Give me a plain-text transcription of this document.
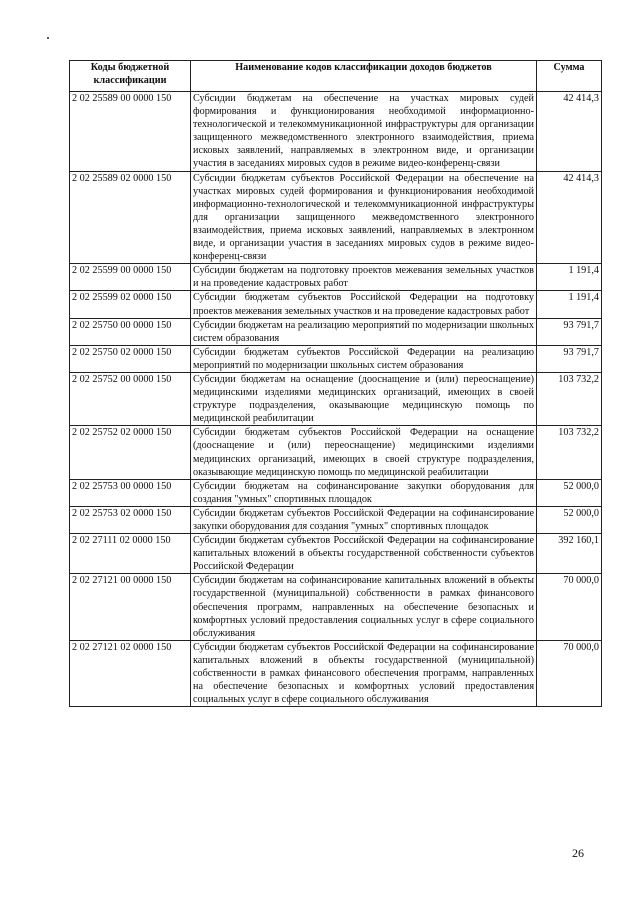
Коды бюджетной классификации	Наименование кодов классификации доходов бюджетов	Сумма
2 02 25589 00 0000 150	Субсидии бюджетам на обеспечение на участках мировых судей формирования и функционирования необходимой информационно-технологической и телекоммуникационной инфраструктуры для организации защищенного межведомственного электронного взаимодействия, приема исковых заявлений, направляемых в электронном виде, и организации участия в заседаниях мировых судов в режиме видео-конференц-связи	42 414,3
2 02 25589 02 0000 150	Субсидии бюджетам субъектов Российской Федерации на обеспечение на участках мировых судей формирования и функционирования необходимой информационно-технологической и телекоммуникационной инфраструктуры для организации защищенного межведомственного электронного взаимодействия, приема исковых заявлений, направляемых в электронном виде, и организации участия в заседаниях мировых судов в режиме видео-конференц-связи	42 414,3
2 02 25599 00 0000 150	Субсидии бюджетам на подготовку проектов межевания земельных участков и на проведение кадастровых работ	1 191,4
2 02 25599 02 0000 150	Субсидии бюджетам субъектов Российской Федерации на подготовку проектов межевания земельных участков и на проведение кадастровых работ	1 191,4
2 02 25750 00 0000 150	Субсидии бюджетам на реализацию мероприятий по модернизации школьных систем образования	93 791,7
2 02 25750 02 0000 150	Субсидии бюджетам субъектов Российской Федерации на реализацию мероприятий по модернизации школьных систем образования	93 791,7
2 02 25752 00 0000 150	Субсидии бюджетам на оснащение (дооснащение и (или) переоснащение) медицинскими изделиями медицинских организаций, имеющих в своей структуре подразделения, оказывающие медицинскую помощь по медицинской реабилитации	103 732,2
2 02 25752 02 0000 150	Субсидии бюджетам субъектов Российской Федерации на оснащение (дооснащение и (или) переоснащение) медицинскими изделиями медицинских организаций, имеющих в своей структуре подразделения, оказывающие медицинскую помощь по медицинской реабилитации	103 732,2
2 02 25753 00 0000 150	Субсидии бюджетам на софинансирование закупки оборудования для создания "умных" спортивных площадок	52 000,0
2 02 25753 02 0000 150	Субсидии бюджетам субъектов Российской Федерации на софинансирование закупки оборудования для создания "умных" спортивных площадок	52 000,0
2 02 27111 02 0000 150	Субсидии бюджетам субъектов Российской Федерации на софинансирование капитальных вложений в объекты государственной собственности субъектов Российской Федерации	392 160,1
2 02 27121 00 0000 150	Субсидии бюджетам на софинансирование капитальных вложений в объекты государственной (муниципальной) собственности в рамках финансового обеспечения программ, направленных на обеспечение безопасных и комфортных условий предоставления социальных услуг в сфере социального обслуживания	70 000,0
2 02 27121 02 0000 150	Субсидии бюджетам субъектов Российской Федерации на софинансирование капитальных вложений в объекты государственной (муниципальной) собственности в рамках финансового обеспечения программ, направленных на обеспечение безопасных и комфортных условий предоставления социальных услуг в сфере социального обслуживания	70 000,0
26
